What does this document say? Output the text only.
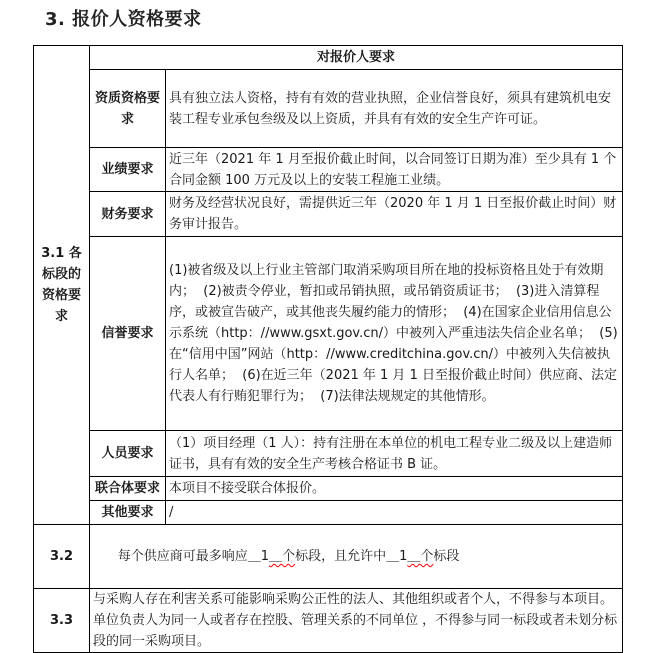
3. 报价人资格要求
3.1 各标段的资格要求	对报价人要求	
	资质资格要求	具有独立法人资格，持有有效的营业执照，企业信誉良好，须具有建筑机电安装工程专业承包叁级及以上资质，并具有有效的安全生产许可证。
	业绩要求	近三年（2021 年 1 月至报价截止时间，以合同签订日期为准）至少具有 1 个合同金额 100 万元及以上的安装工程施工业绩。
	财务要求	财务及经营状况良好，需提供近三年（2020 年 1 月 1 日至报价截止时间）财务审计报告。
	信誉要求	(1)被省级及以上行业主管部门取消采购项目所在地的投标资格且处于有效期内；  (2)被责令停业，暂扣或吊销执照，或吊销资质证书；  (3)进入清算程序，或被宣告破产，或其他丧失履约能力的情形；  (4)在国家企业信用信息公示系统（http：//www.gsxt.gov.cn/）中被列入严重违法失信企业名单；  (5)在“信用中国”网站（http：//www.creditchina.gov.cn/）中被列入失信被执行人名单；  (6)在近三年（2021 年 1 月 1 日至报价截止时间）供应商、法定代表人有行贿犯罪行为；  (7)法律法规规定的其他情形。
	人员要求	（1）项目经理（1 人）：持有注册在本单位的机电工程专业二级及以上建造师证书，具有有效的安全生产考核合格证书 B 证。
	联合体要求	本项目不接受联合体报价。
	其他要求	/
3.2	每个供应商可最多响应＿1＿个标段，且允许中＿1＿个标段	

3.3	与采购人存在利害关系可能影响采购公正性的法人、其他组织或者个人，不得参与本项目。单位负责人为同一人或者存在控股、管理关系的不同单位 ，不得参与同一标段或者未划分标段的同一采购项目。	
